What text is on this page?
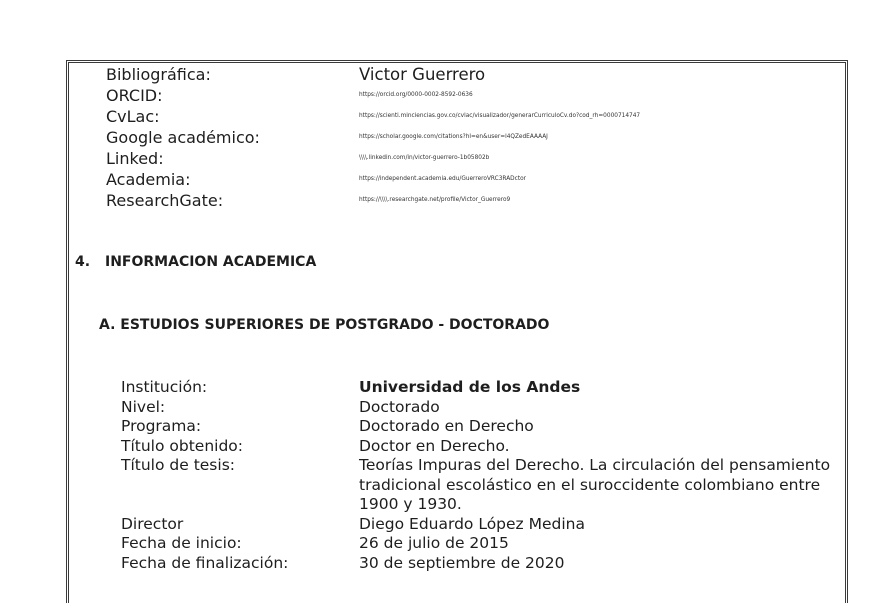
Bibliográfica:	Victor Guerrero
ORCID:	https://orcid.org/0000-0002-8592-0636
CvLac:	https://scienti.minciencias.gov.co/cvlac/visualizador/generarCurriculoCv.do?cod_rh=0000714747
Google académico:	https://scholar.google.com/citations?hl=en&user=l4QZedEAAAAJ
Linked:	\\\\.linkedin.com/in/victor-guerrero-1b05802b
Academia:	https://independent.academia.edu/GuerreroVRC3RADctor
ResearchGate:	https://\\\\.researchgate.net/profile/Victor_Guerrero9
4. INFORMACION ACADEMICA
A. ESTUDIOS SUPERIORES DE POSTGRADO - DOCTORADO
Institución:	Universidad de los Andes
Nivel:	Doctorado
Programa:	Doctorado en Derecho
Título obtenido:	Doctor en Derecho.
Título de tesis:	Teorías Impuras del Derecho. La circulación del pensamiento tradicional escolástico en el suroccidente colombiano entre 1900 y 1930.
Director	Diego Eduardo López Medina
Fecha de inicio:	26 de julio de 2015
Fecha de finalización:	30 de septiembre de 2020
